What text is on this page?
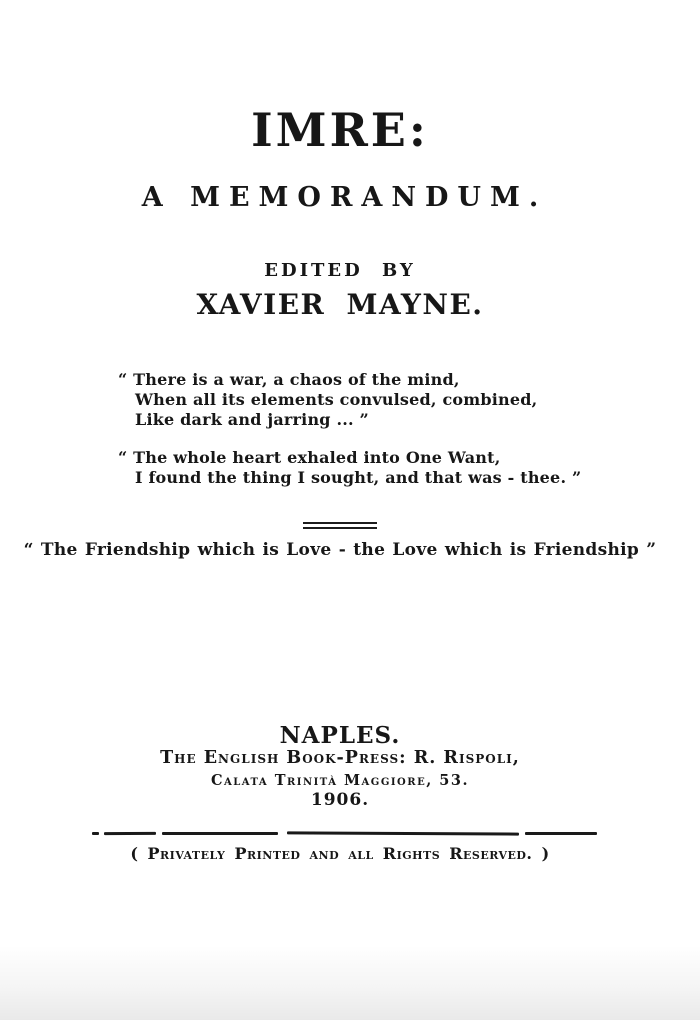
IMRE:
A MEMORANDUM.
EDITED BY
XAVIER MAYNE.
“ There is a war, a chaos of the mind,
When all its elements convulsed, combined,
Like dark and jarring ... ”
“ The whole heart exhaled into One Want,
I found the thing I sought, and that was - thee. ”
“ The Friendship which is Love - the Love which is Friendship ”
NAPLES.
The English Book-Press: R. Rispoli,
Calata Trinità Maggiore, 53.
1906.
( Privately Printed and all Rights Reserved. )
